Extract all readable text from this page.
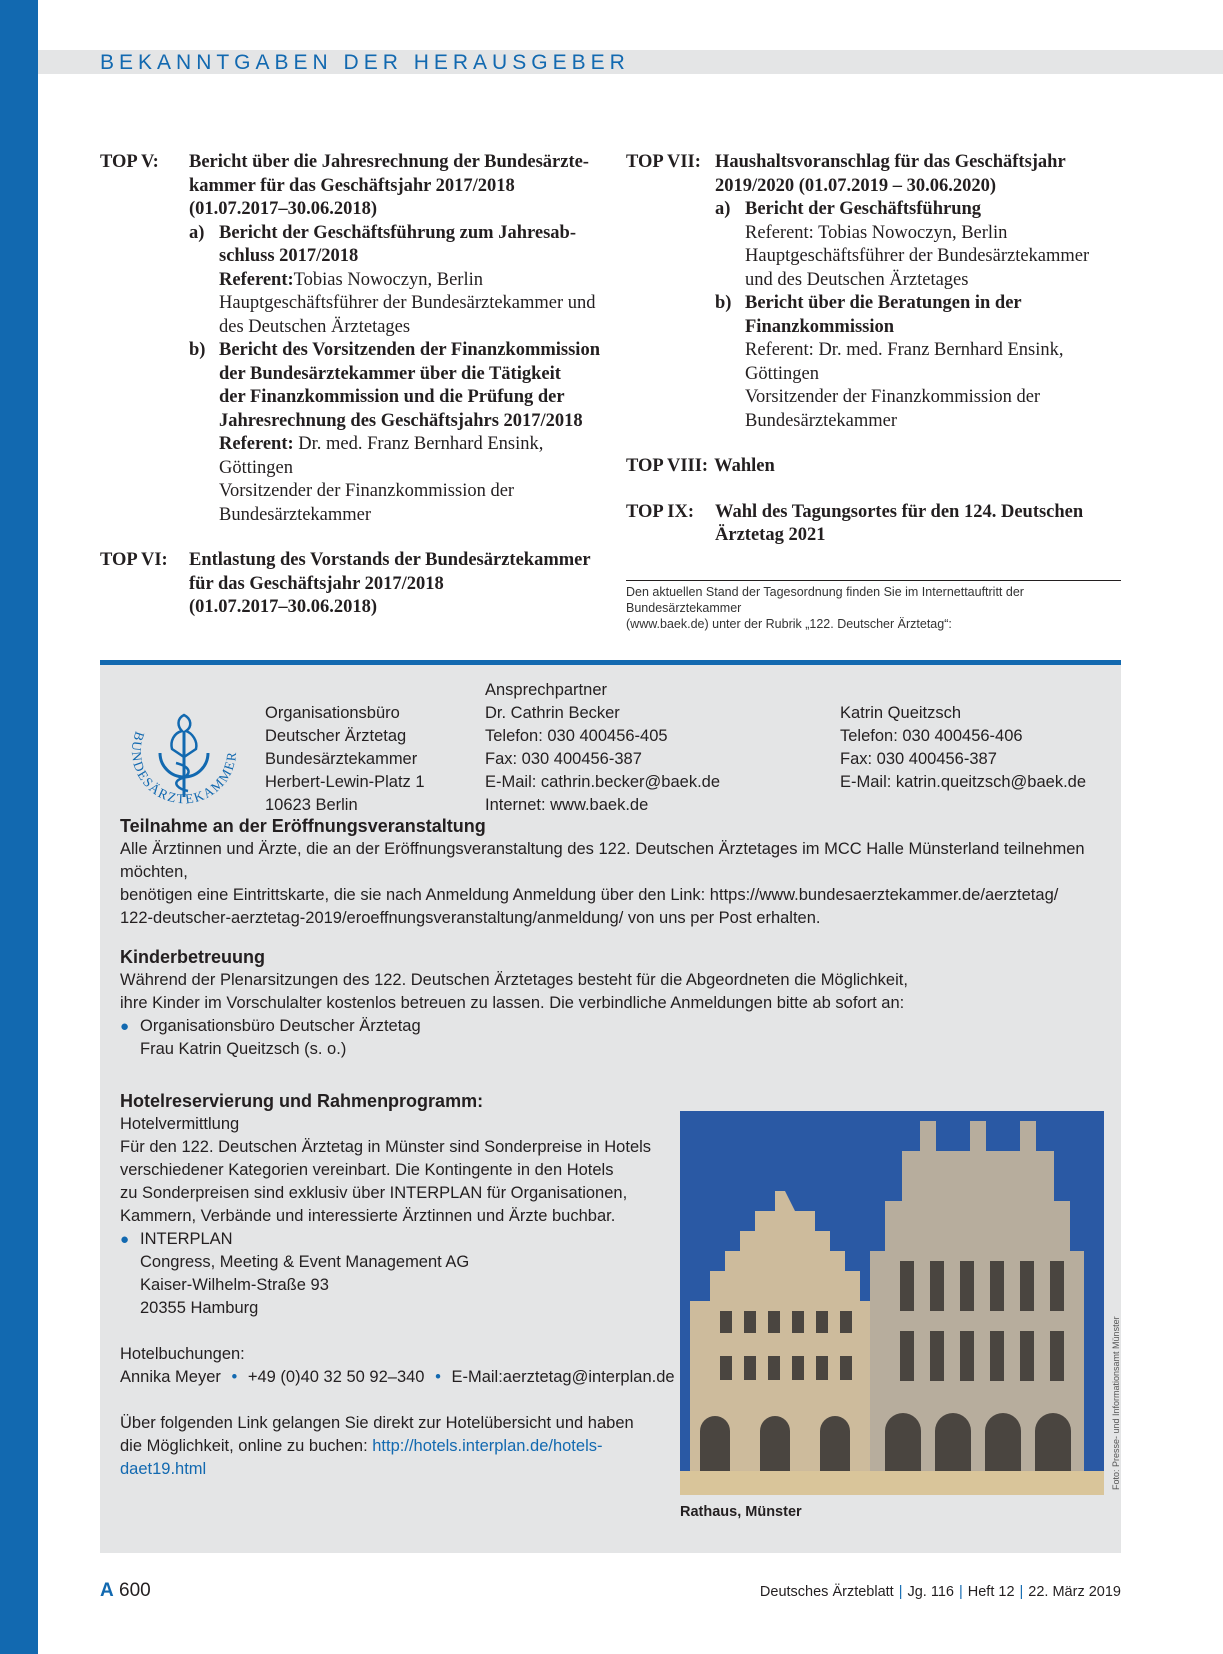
BEKANNTGABEN DER HERAUSGEBER
TOP V:	Bericht über die Jahresrechnung der Bundesärzte-
kammer für das Geschäftsjahr 2017/2018
(01.07.2017–30.06.2018)
a) Bericht der Geschäftsführung zum Jahresab-
schluss 2017/2018
Referent:Tobias Nowoczyn, Berlin
Hauptgeschäftsführer der Bundesärztekammer und
des Deutschen Ärztetages
b) Bericht des Vorsitzenden der Finanzkommission
der Bundesärztekammer über die Tätigkeit
der Finanzkommission und die Prüfung der
Jahresrechnung des Geschäftsjahrs 2017/2018
Referent: Dr. med. Franz Bernhard Ensink,
Göttingen
Vorsitzender der Finanzkommission der
Bundesärztekammer
TOP VI:	Entlastung des Vorstands der Bundesärztekammer
für das Geschäftsjahr 2017/2018
(01.07.2017–30.06.2018)
TOP VII: Haushaltsvoranschlag für das Geschäftsjahr
2019/2020 (01.07.2019 – 30.06.2020)
a) Bericht der Geschäftsführung
Referent: Tobias Nowoczyn, Berlin
Hauptgeschäftsführer der Bundesärztekammer
und des Deutschen Ärztetages
b) Bericht über die Beratungen in der
Finanzkommission
Referent: Dr. med. Franz Bernhard Ensink,
Göttingen
Vorsitzender der Finanzkommission der
Bundesärztekammer
TOP VIII: Wahlen
TOP IX:	Wahl des Tagungsortes für den 124. Deutschen
Ärztetag 2021
Den aktuellen Stand der Tagesordnung finden Sie im Internettauftritt der Bundesärztekammer
(www.baek.de) unter der Rubrik „122. Deutscher Ärztetag“:
BUNDESÄRZTEKAMMER
Organisationsbüro
Deutscher Ärztetag
Bundesärztekammer
Herbert-Lewin-Platz 1
10623 Berlin
Ansprechpartner
Dr. Cathrin Becker
Telefon: 030 400456-405
Fax: 030 400456-387
E-Mail: cathrin.becker@baek.de
Internet: www.baek.de
Katrin Queitzsch
Telefon: 030 400456-406
Fax: 030 400456-387
E-Mail: katrin.queitzsch@baek.de
Teilnahme an der Eröffnungsveranstaltung
Alle Ärztinnen und Ärzte, die an der Eröffnungsveranstaltung des 122. Deutschen Ärztetages im MCC Halle Münsterland teilnehmen möchten,
benötigen eine Eintrittskarte, die sie nach Anmeldung Anmeldung über den Link: https://www.bundesaerztekammer.de/aerztetag/
122-deutscher-aerztetag-2019/eroeffnungsveranstaltung/anmeldung/ von uns per Post erhalten.
Kinderbetreuung
Während der Plenarsitzungen des 122. Deutschen Ärztetages besteht für die Abgeordneten die Möglichkeit,
ihre Kinder im Vorschulalter kostenlos betreuen zu lassen. Die verbindliche Anmeldungen bitte ab sofort an:
● Organisationsbüro Deutscher Ärztetag
Frau Katrin Queitzsch (s. o.)
Hotelreservierung und Rahmenprogramm:
Hotelvermittlung
Für den 122. Deutschen Ärztetag in Münster sind Sonderpreise in Hotels
verschiedener Kategorien vereinbart. Die Kontingente in den Hotels
zu Sonderpreisen sind exklusiv über INTERPLAN für Organisationen,
Kammern, Verbände und interessierte Ärztinnen und Ärzte buchbar.
● INTERPLAN
Congress, Meeting & Event Management AG
Kaiser-Wilhelm-Straße 93
20355 Hamburg
Hotelbuchungen:
Annika Meyer • +49 (0)40 32 50 92–340 • E-Mail:aerztetag@interplan.de
Über folgenden Link gelangen Sie direkt zur Hotelübersicht und haben
die Möglichkeit, online zu buchen: http://hotels.interplan.de/hotels-daet19.html
Rathaus, Münster
A 600	Deutsches Ärzteblatt | Jg. 116 | Heft 12 | 22. März 2019
